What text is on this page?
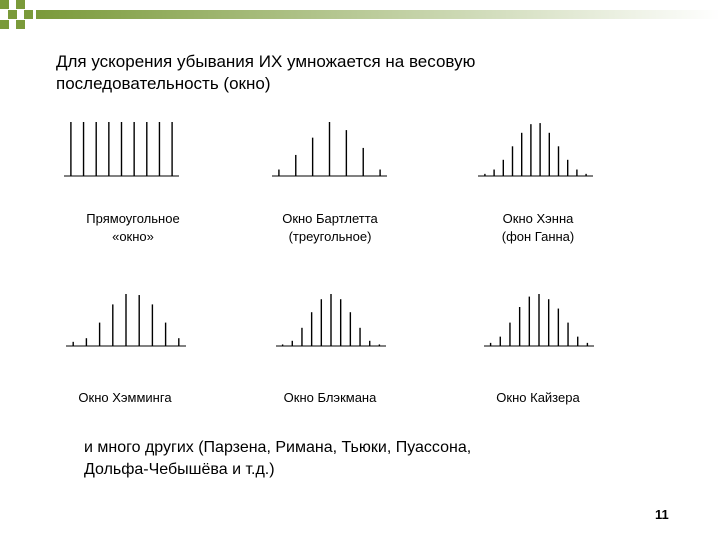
Для ускорения убывания ИХ умножается на весовую
последовательность (окно)
Прямоугольное
«окно»
Окно Бартлетта
(треугольное)
Окно Хэнна
(фон Ганна)
Окно Хэмминга	Окно Блэкмана	Окно Кайзера
и много других (Парзена, Римана, Тьюки, Пуассона,
Дольфа-Чебышёва и т.д.)
11
